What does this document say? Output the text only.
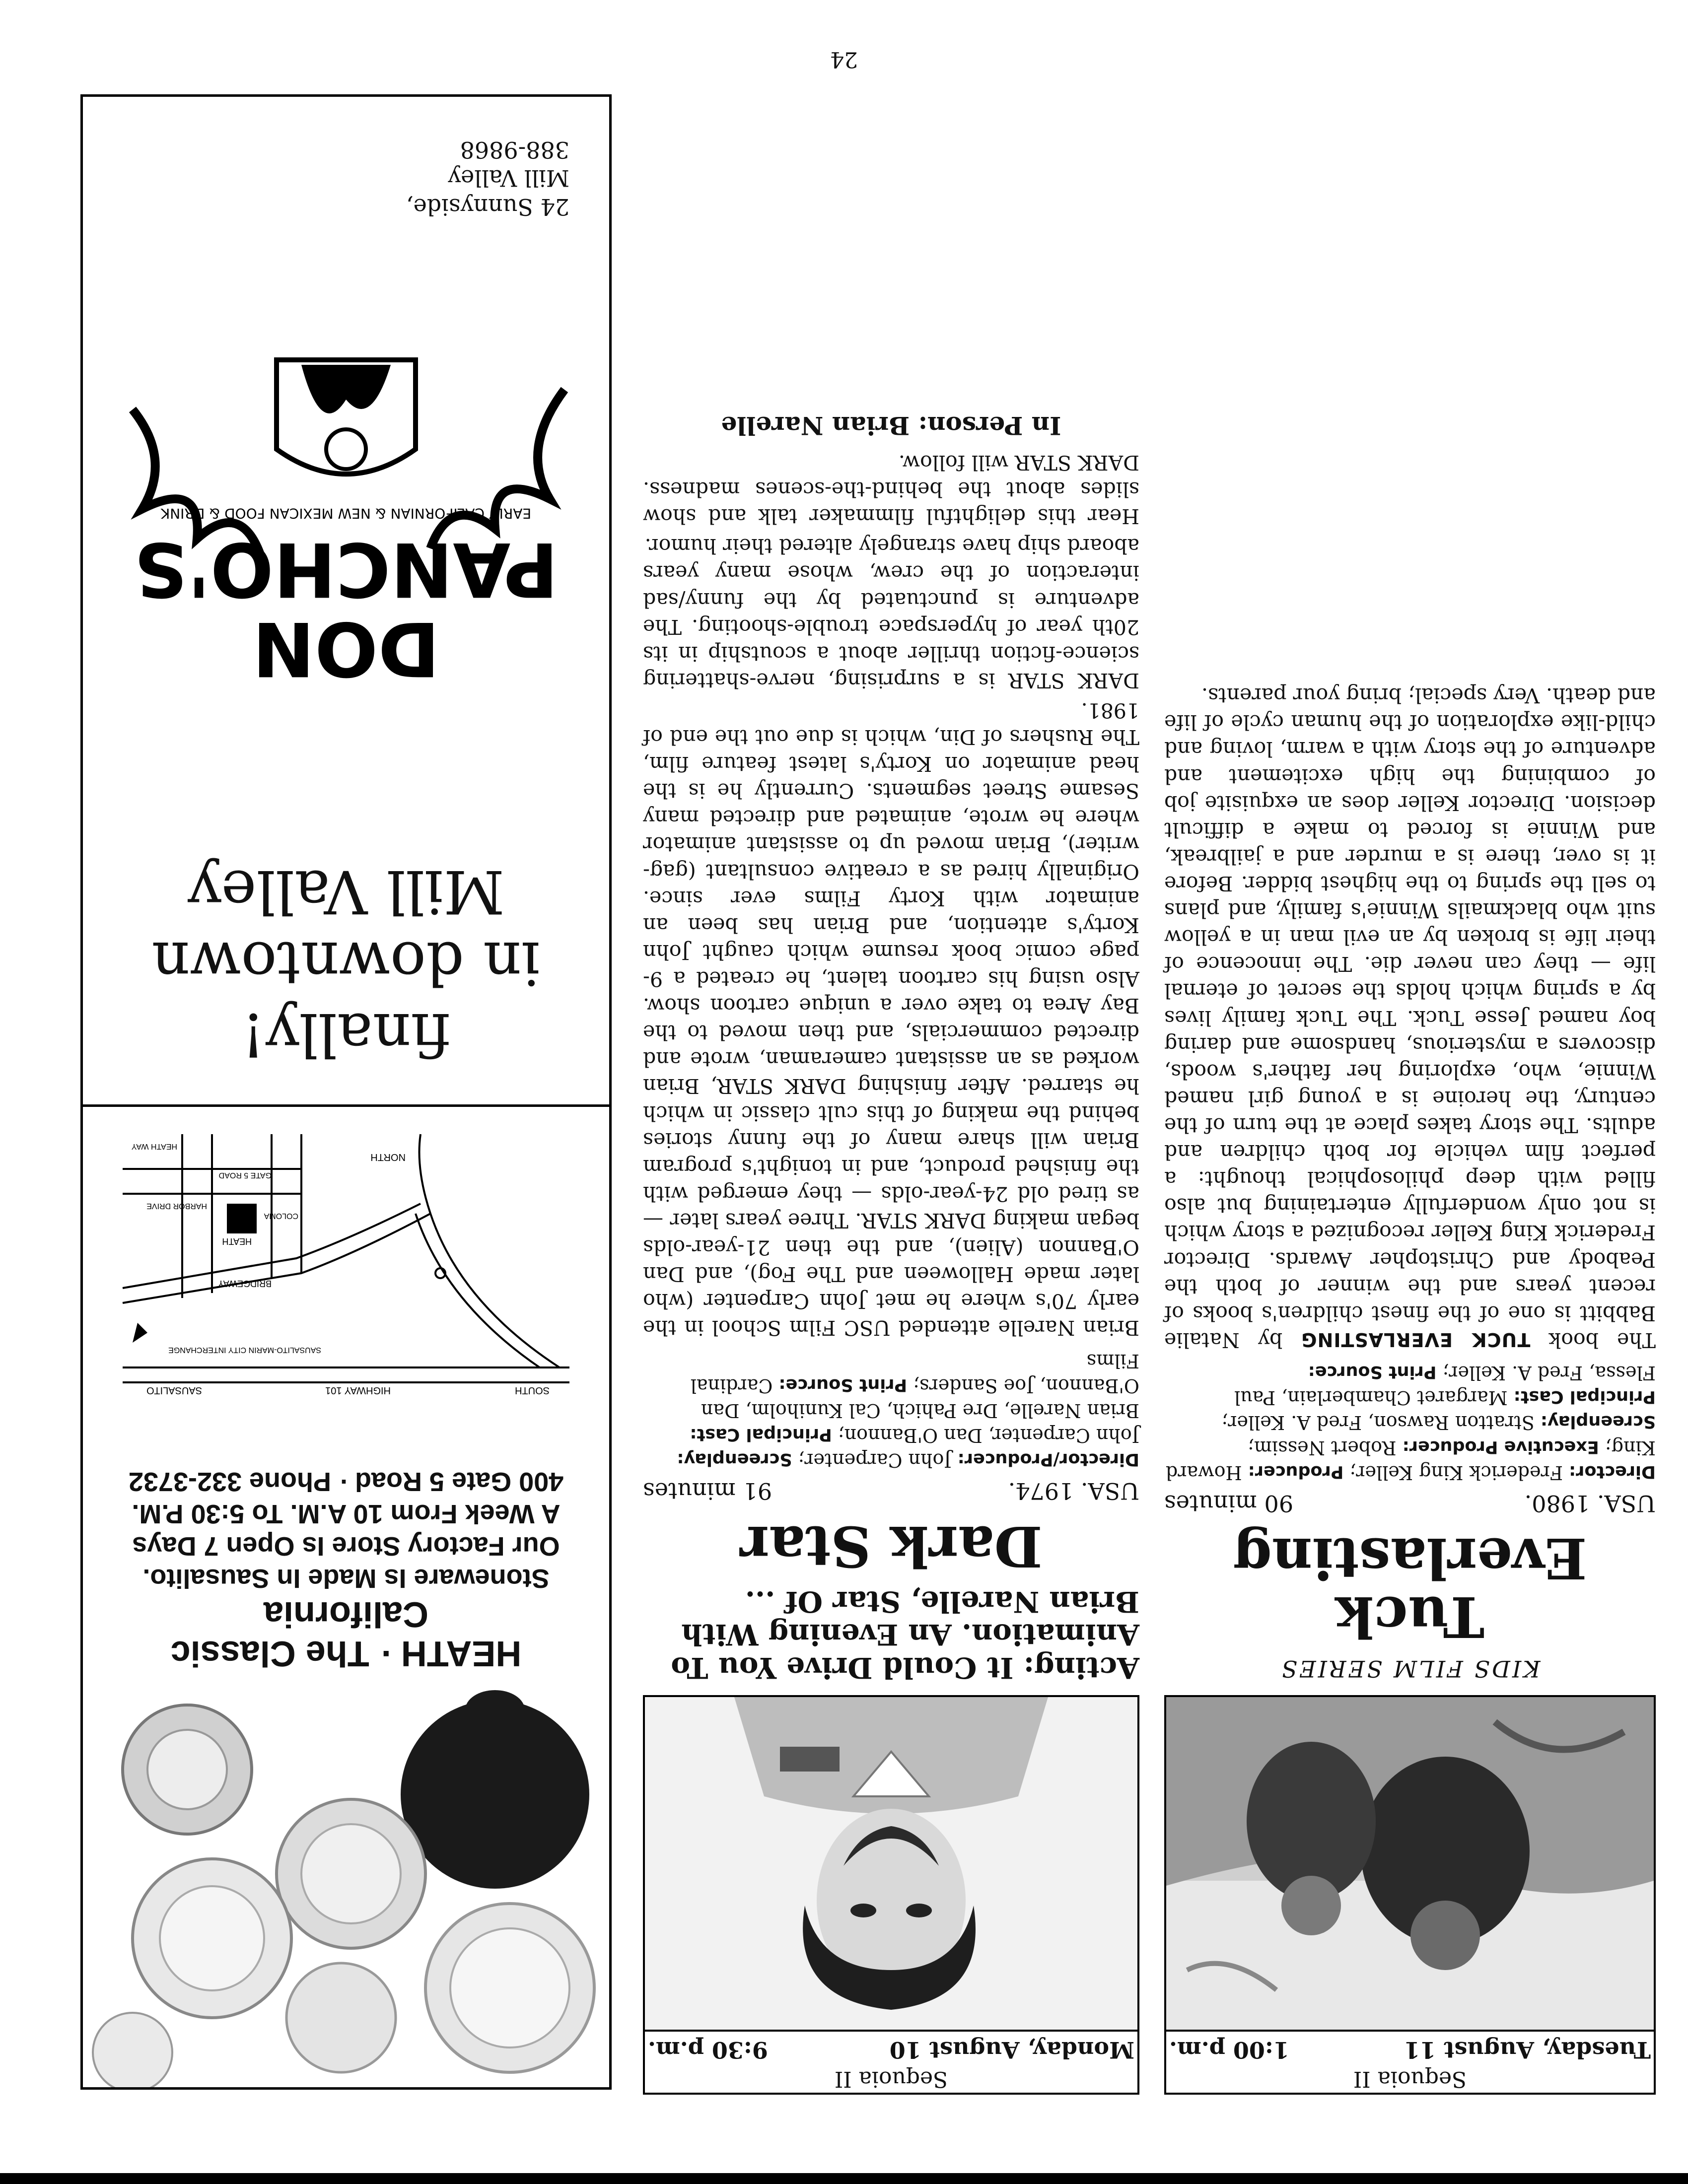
Sequoia II
Tuesday, August 11
1:00 p.m.
KIDS FILM SERIES
Tuck Everlasting
USA. 1980.
90 minutes
Director: Frederick King Keller; Producer: Howard King; Executive Producer: Robert Nessim; Screenplay: Stratton Rawson, Fred A. Keller; Principal Cast: Margaret Chamberlain, Paul Flessa, Fred A. Keller; Print Source:

The book TUCK EVERLASTING by Natalie Babbitt is one of the finest children's books of recent years and the winner of both the Peabody and Christopher Awards. Director Frederick King Keller recognized a story which is not only wonderfully entertaining but also filled with deep philosophical thought: a perfect film vehicle for both children and adults. The story takes place at the turn of the century, the heroine is a young girl named Winnie, who, exploring her father's woods, discovers a mysterious, handsome and daring boy named Jesse Tuck. The Tuck family lives by a spring which holds the secret of eternal life — they can never die. The innocence of their life is broken by an evil man in a yellow suit who blackmails Winnie's family, and plans to sell the spring to the highest bidder. Before it is over, there is a murder and a jailbreak, and Winnie is forced to make a difficult decision. Director Keller does an exquisite job of combining the high excitement and adventure of the story with a warm, loving and child-like exploration of the human cycle of life and death. Very special; bring your parents.

Sequoia II
Monday, August 10
9:30 p.m.
Acting: It Could Drive You To Animation. An Evening With Brian Narelle, Star Of ...
Dark Star
USA. 1974.
91 minutes
Director/Producer: John Carpenter; Screenplay: John Carpenter, Dan O'Bannon; Principal Cast: Brian Narelle, Dre Pahich, Cal Kuniholm, Dan O'Bannon, Joe Sanders; Print Source: Cardinal Films

Brian Narelle attended USC Film School in the early 70's where he met John Carpenter (who later made Halloween and The Fog), and Dan O'Bannon (Alien), and the then 21-year-olds began making DARK STAR. Three years later — as tired old 24-year-olds — they emerged with the finished product, and in tonight's program Brian will share many of the funny stories behind the making of this cult classic in which he starred. After finishing DARK STAR, Brian worked as an assistant cameraman, wrote and directed commercials, and then moved to the Bay Area to take over a unique cartoon show. Also using his cartoon talent, he created a 9-page comic book resume which caught John Korty's attention, and Brian has been an animator with Korty Films ever since. Originally hired as a creative consultant (gag-writer), Brian moved up to assistant animator where he wrote, animated and directed many Sesame Street segments. Currently he is the head animator on Korty's latest feature film, The Rushers of Din, which is due out the end of 1981.

DARK STAR is a surprising, nerve-shattering science-fiction thriller about a scoutship in its 20th year of hyperspace trouble-shooting. The adventure is punctuated by the funny/sad interaction of the crew, whose many years aboard ship have strangely altered their humor.

Hear this delightful filmmaker talk and show slides about the behind-the-scenes madness. DARK STAR will follow.

In Person: Brian Narelle
HEATH · The Classic California
Stoneware Is Made In Sausalito.
Our Factory Store Is Open 7 Days
A Week From 10 A.M. To 5:30 P.M.
400 Gate 5 Road · Phone 332-3732
SOUTH
HIGHWAY 101
SAUSALITO
SAUSALITO-MARIN CITY INTERCHANGE
NORTH
BRIDGEWAY
HEATH
COLOMA
HARBOR DRIVE
GATE 5 ROAD
HEATH WAY
finally!
in downtown
Mill Valley
DON
PANCHO'S
EARLY CALIFORNIAN & NEW MEXICAN FOOD & DRINK
24 Sunnyside,
Mill Valley
388-9868
24
